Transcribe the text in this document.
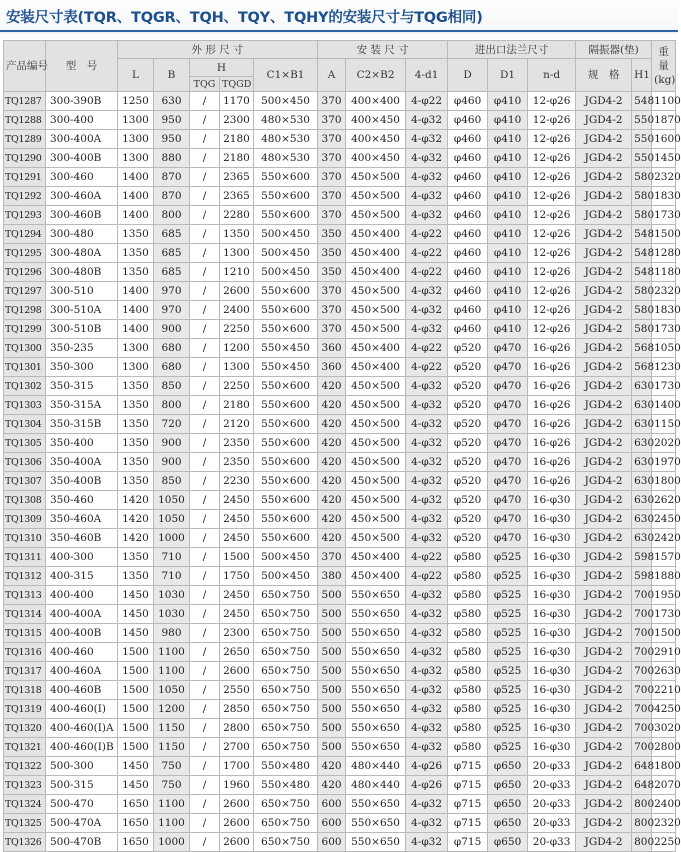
安装尺寸表(TQR、TQGR、TQH、TQY、TQHY的安装尺寸与TQG相同)
产品编号	型　号	外 形 尺 寸					安 装 尺 寸			进出口法兰尺寸			隔振器(垫)		重量(kg)
		L	B	H		C1×B1	A	C2×B2	4-d1	D	D1	n-d	规　格	H1	
				TQG	TQGD										
TQ1287	300-390B	1250	630	/	1170	500×450	370	400×400	4-φ22	φ460	φ410	12-φ26	JGD4-2	548	1100
TQ1288	300-400	1300	950	/	2300	480×530	370	400×450	4-φ32	φ460	φ410	12-φ26	JGD4-2	550	1870
TQ1289	300-400A	1300	950	/	2180	480×530	370	400×450	4-φ32	φ460	φ410	12-φ26	JGD4-2	550	1600
TQ1290	300-400B	1300	880	/	2180	480×530	370	400×450	4-φ32	φ460	φ410	12-φ26	JGD4-2	550	1450
TQ1291	300-460	1400	870	/	2365	550×600	370	450×500	4-φ32	φ460	φ410	12-φ26	JGD4-2	580	2320
TQ1292	300-460A	1400	870	/	2365	550×600	370	450×500	4-φ32	φ460	φ410	12-φ26	JGD4-2	580	1830
TQ1293	300-460B	1400	800	/	2280	550×600	370	450×500	4-φ32	φ460	φ410	12-φ26	JGD4-2	580	1730
TQ1294	300-480	1350	685	/	1350	500×450	350	450×400	4-φ22	φ460	φ410	12-φ26	JGD4-2	548	1500
TQ1295	300-480A	1350	685	/	1300	500×450	350	450×400	4-φ22	φ460	φ410	12-φ26	JGD4-2	548	1280
TQ1296	300-480B	1350	685	/	1210	500×450	350	450×400	4-φ22	φ460	φ410	12-φ26	JGD4-2	548	1180
TQ1297	300-510	1400	970	/	2600	550×600	370	450×500	4-φ32	φ460	φ410	12-φ26	JGD4-2	580	2320
TQ1298	300-510A	1400	970	/	2400	550×600	370	450×500	4-φ32	φ460	φ410	12-φ26	JGD4-2	580	1830
TQ1299	300-510B	1400	900	/	2250	550×600	370	450×500	4-φ32	φ460	φ410	12-φ26	JGD4-2	580	1730
TQ1300	350-235	1300	680	/	1200	550×450	360	450×400	4-φ22	φ520	φ470	16-φ26	JGD4-2	568	1050
TQ1301	350-300	1300	680	/	1300	550×450	360	450×400	4-φ22	φ520	φ470	16-φ26	JGD4-2	568	1230
TQ1302	350-315	1350	850	/	2250	550×600	420	450×500	4-φ32	φ520	φ470	16-φ26	JGD4-2	630	1730
TQ1303	350-315A	1350	800	/	2180	550×600	420	450×500	4-φ32	φ520	φ470	16-φ26	JGD4-2	630	1400
TQ1304	350-315B	1350	720	/	2120	550×600	420	450×500	4-φ32	φ520	φ470	16-φ26	JGD4-2	630	1150
TQ1305	350-400	1350	900	/	2350	550×600	420	450×500	4-φ32	φ520	φ470	16-φ26	JGD4-2	630	2020
TQ1306	350-400A	1350	900	/	2350	550×600	420	450×500	4-φ32	φ520	φ470	16-φ26	JGD4-2	630	1970
TQ1307	350-400B	1350	850	/	2230	550×600	420	450×500	4-φ32	φ520	φ470	16-φ26	JGD4-2	630	1800
TQ1308	350-460	1420	1050	/	2450	550×600	420	450×500	4-φ32	φ520	φ470	16-φ30	JGD4-2	630	2620
TQ1309	350-460A	1420	1050	/	2450	550×600	420	450×500	4-φ32	φ520	φ470	16-φ30	JGD4-2	630	2450
TQ1310	350-460B	1420	1000	/	2450	550×600	420	450×500	4-φ32	φ520	φ470	16-φ30	JGD4-2	630	2420
TQ1311	400-300	1350	710	/	1500	500×450	370	450×400	4-φ22	φ580	φ525	16-φ30	JGD4-2	598	1570
TQ1312	400-315	1350	710	/	1750	500×450	380	450×400	4-φ22	φ580	φ525	16-φ30	JGD4-2	598	1880
TQ1313	400-400	1450	1030	/	2450	650×750	500	550×650	4-φ32	φ580	φ525	16-φ30	JGD4-2	700	1950
TQ1314	400-400A	1450	1030	/	2450	650×750	500	550×650	4-φ32	φ580	φ525	16-φ30	JGD4-2	700	1730
TQ1315	400-400B	1450	980	/	2300	650×750	500	550×650	4-φ32	φ580	φ525	16-φ30	JGD4-2	700	1500
TQ1316	400-460	1500	1100	/	2650	650×750	500	550×650	4-φ32	φ580	φ525	16-φ30	JGD4-2	700	2910
TQ1317	400-460A	1500	1100	/	2600	650×750	500	550×650	4-φ32	φ580	φ525	16-φ30	JGD4-2	700	2630
TQ1318	400-460B	1500	1050	/	2550	650×750	500	550×650	4-φ32	φ580	φ525	16-φ30	JGD4-2	700	2210
TQ1319	400-460(I)	1500	1200	/	2850	650×750	500	550×650	4-φ32	φ580	φ525	16-φ30	JGD4-2	700	4250
TQ1320	400-460(I)A	1500	1150	/	2800	650×750	500	550×650	4-φ32	φ580	φ525	16-φ30	JGD4-2	700	3020
TQ1321	400-460(I)B	1500	1150	/	2700	650×750	500	550×650	4-φ32	φ580	φ525	16-φ30	JGD4-2	700	2800
TQ1322	500-300	1450	750	/	1700	550×480	420	480×440	4-φ26	φ715	φ650	20-φ33	JGD4-2	648	1800
TQ1323	500-315	1450	750	/	1960	550×480	420	480×440	4-φ26	φ715	φ650	20-φ33	JGD4-2	648	2070
TQ1324	500-470	1650	1100	/	2600	650×750	600	550×650	4-φ32	φ715	φ650	20-φ33	JGD4-2	800	2400
TQ1325	500-470A	1650	1100	/	2600	650×750	600	550×650	4-φ32	φ715	φ650	20-φ33	JGD4-2	800	2320
TQ1326	500-470B	1650	1000	/	2600	650×750	600	550×650	4-φ32	φ715	φ650	20-φ33	JGD4-2	800	2250
